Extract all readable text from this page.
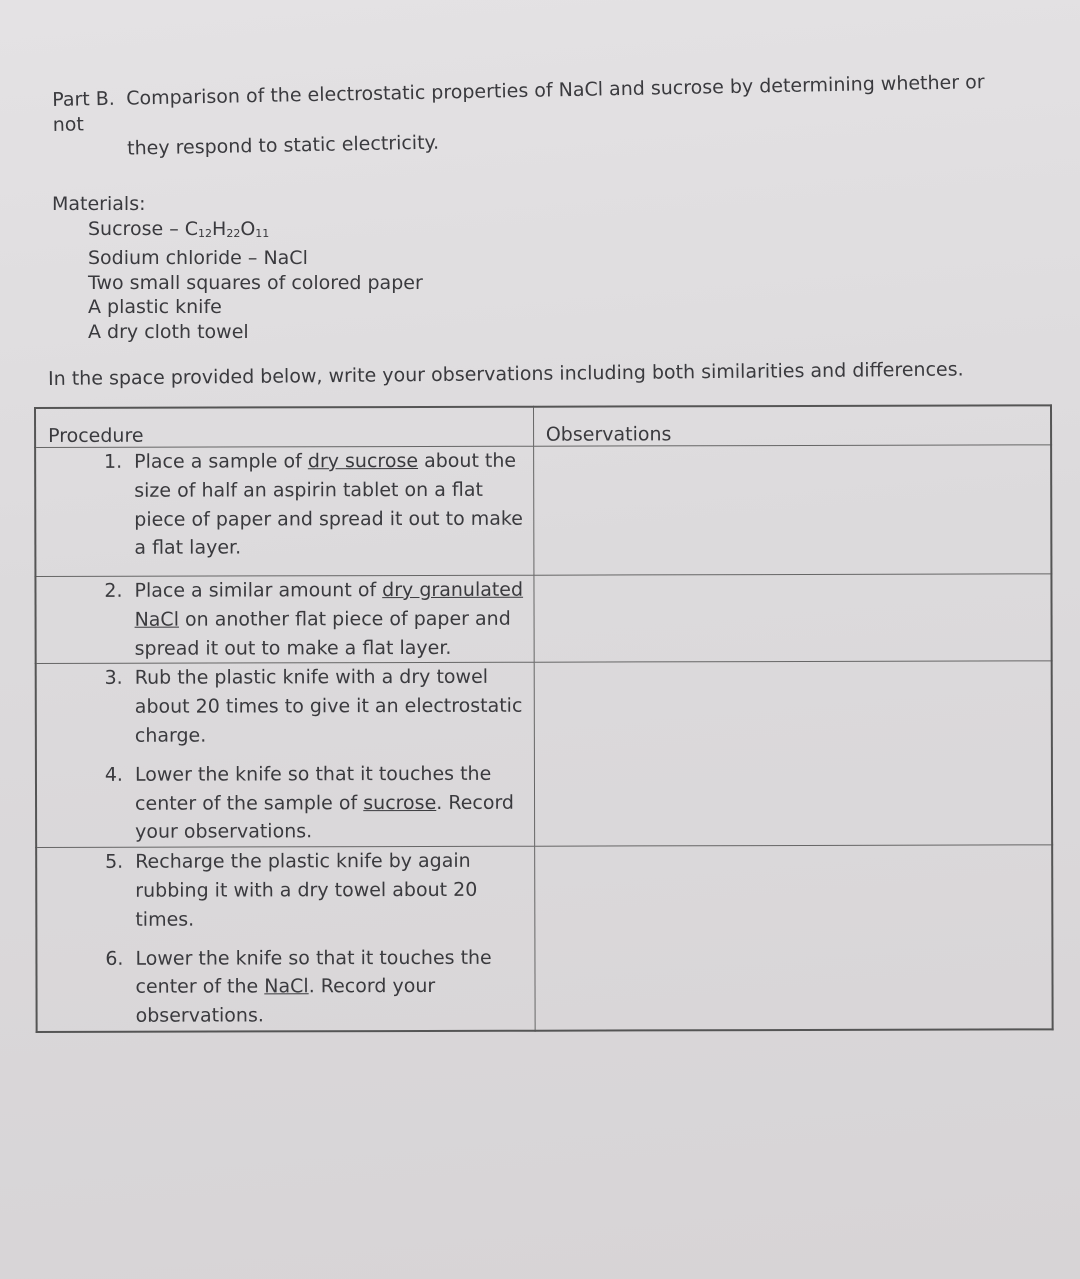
Part B. Comparison of the electrostatic properties of NaCl and sucrose by determining whether or not
they respond to static electricity.
Materials:
Sucrose – $C_{12}H_{22}O_{11}$
Sodium chloride – NaCl
Two small squares of colored paper
A plastic knife
A dry cloth towel
In the space provided below, write your observations including both similarities and differences.
Procedure	Observations

1. Place a sample of dry sucrose about the size of half an aspirin tablet on a flat piece of paper and spread it out to make a flat layer.	

2. Place a similar amount of dry granulated NaCl on another flat piece of paper and spread it out to make a flat layer.	

3. Rub the plastic knife with a dry towel about 20 times to give it an electrostatic charge.
4. Lower the knife so that it touches the center of the sample of sucrose. Record your observations.	

5. Recharge the plastic knife by again rubbing it with a dry towel about 20 times.
6. Lower the knife so that it touches the center of the NaCl. Record your observations.	
